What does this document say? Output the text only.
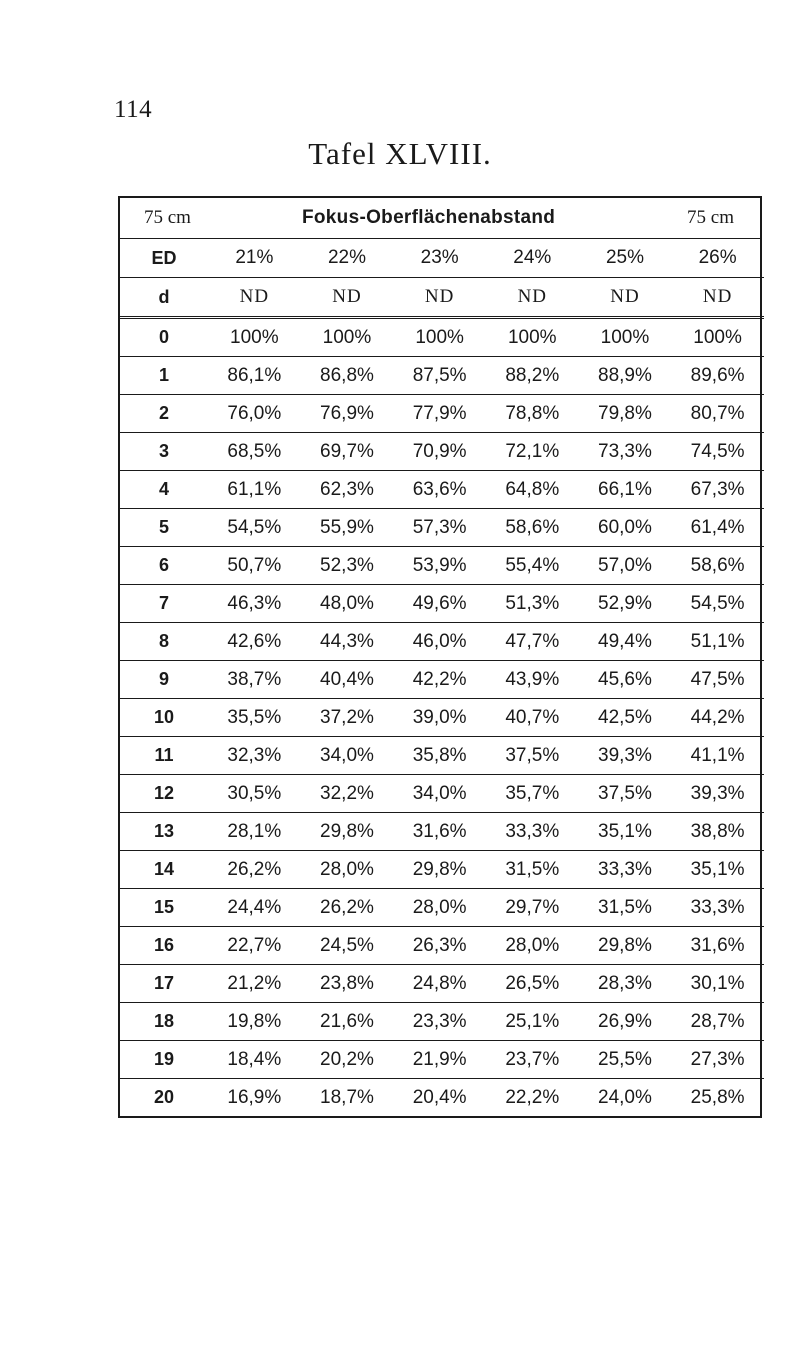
114
Tafel XLVIII.
75 cm	Fokus-Oberflächenabstand	75 cm
ED	21%	22%	23%	24%	25%	26%
d	ND	ND	ND	ND	ND	ND
0	100%	100%	100%	100%	100%	100%
1	86,1%	86,8%	87,5%	88,2%	88,9%	89,6%
2	76,0%	76,9%	77,9%	78,8%	79,8%	80,7%
3	68,5%	69,7%	70,9%	72,1%	73,3%	74,5%
4	61,1%	62,3%	63,6%	64,8%	66,1%	67,3%
5	54,5%	55,9%	57,3%	58,6%	60,0%	61,4%
6	50,7%	52,3%	53,9%	55,4%	57,0%	58,6%
7	46,3%	48,0%	49,6%	51,3%	52,9%	54,5%
8	42,6%	44,3%	46,0%	47,7%	49,4%	51,1%
9	38,7%	40,4%	42,2%	43,9%	45,6%	47,5%
10	35,5%	37,2%	39,0%	40,7%	42,5%	44,2%
11	32,3%	34,0%	35,8%	37,5%	39,3%	41,1%
12	30,5%	32,2%	34,0%	35,7%	37,5%	39,3%
13	28,1%	29,8%	31,6%	33,3%	35,1%	38,8%
14	26,2%	28,0%	29,8%	31,5%	33,3%	35,1%
15	24,4%	26,2%	28,0%	29,7%	31,5%	33,3%
16	22,7%	24,5%	26,3%	28,0%	29,8%	31,6%
17	21,2%	23,8%	24,8%	26,5%	28,3%	30,1%
18	19,8%	21,6%	23,3%	25,1%	26,9%	28,7%
19	18,4%	20,2%	21,9%	23,7%	25,5%	27,3%
20	16,9%	18,7%	20,4%	22,2%	24,0%	25,8%
